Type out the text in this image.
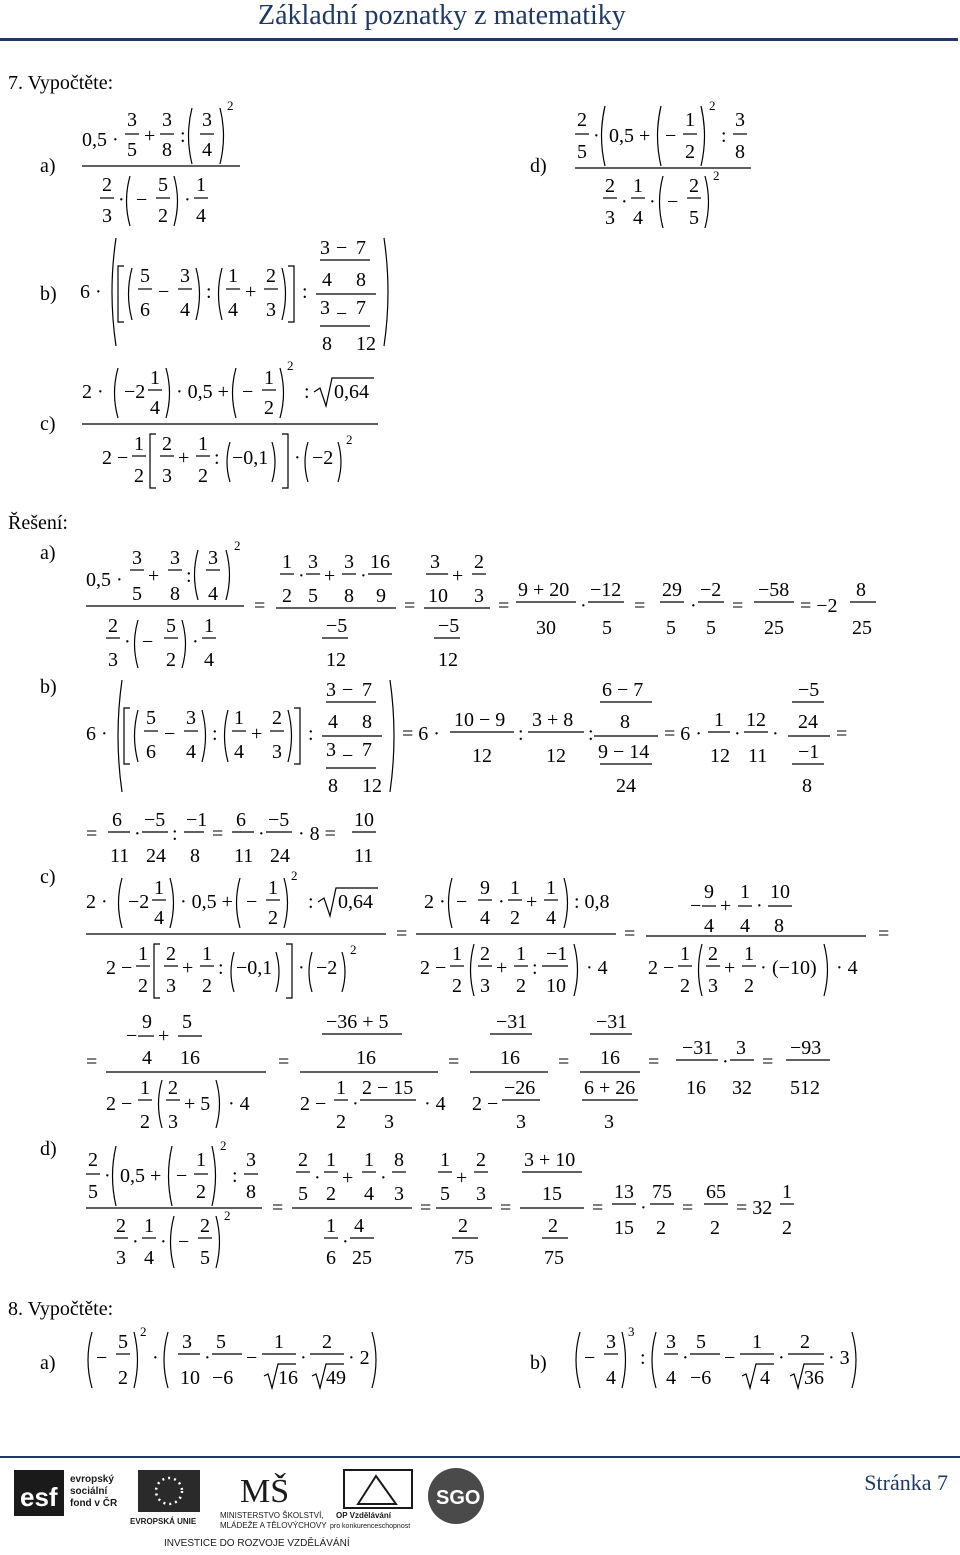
Základní poznatky z matematiky
7. Vypočtěte:
a)
b)
c)
d)
0,5 ·
3
5
+
3
8
:
3
4
2
2
3
· −
5
2
·
1
4
6 ·
5
6
−
3
4
:
1
4
+
2
3
:
3 − 7
4 8
3 − 7
8 12
2 · −2
1
4
· 0,5 + −
1
2
2
: 0,64
2 −
1
2
2
3
+
1
2
: −0,1 · −2
2
2
5
· 0,5 + −
1
2
2
:
3
8
2
3
·
1
4
· −
2
5
2
Řešení:
a)
0,5 ·
3
5
+
3
8
:
3
4
2
2
3
· −
5
2
·
1
4
=
1
2
·
3
5
+
3
8
·
16
9
−5
12
=
3
10
+
2
3
−5
12
=
9 + 20
30
·
−12
5
=
29
5
·
−2
5
=
−58
25
= −2
8
25
b)
6 ·
5
6
−
3
4
:
1
4
+
2
3
:
3 − 7
4 8
3 − 7
8 12
= 6 ·
10 − 9
12
:
3 + 8
12
:
6 − 7
8
9 − 14
24
= 6 ·
1
12
·
12
11
·
−5
24
−1
8
=
=
6
11
·
−5
24
:
−1
8
=
6
11
·
−5
24
· 8 =
10
11
c)
2 · −2
1
4
· 0,5 + −
1
2
2
: 0,64
2 −
1
2
2
3
+
1
2
: −0,1 · −2
2
=
2 · −
9
4
·
1
2
+
1
4
: 0,8
2 −
1
2
2
3
+
1
2
:
−1
10
· 4
=
9
−
4
+
1
4
·
10
8
2 −
1
2
2
3
+
1
2
· (−10) · 4
=
=
9
−
4
+
5
16
2 −
1
2
2
3
+ 5 · 4
=
−36 + 5
16
2 −
1
2
·
2 − 15
3
· 4
=
−31
16
2 −
−26
3
=
−31
16
6 + 26
3
=
−31
16
·
3
32
=
−93
512
d) 2
5
· 0,5 + −
1
2
2
:
3
8
2
3
·
1
4
· −
2
5
2 =
2
5
·
1
2
+
1
4
·
8
3
1
6
·
4
25
=
1
5
+
2
3
2
75
=
3 + 10
15
2
75
=
13
15
·
75
2
=
65
2
= 32
1
2
8. Vypočtěte:
a)	b)
−
5
2
2
·
3
10
·
5
−6
−
1
16
·
2
49
· 2	−
3
4
3
:
3
4
·
5
−6
−
1
4
·
2
36
· 3
esf
evropský
sociální
fond v ČR
EVROPSKÁ UNIE
MŠ
MINISTERSTVO ŠKOLSTVÍ,
MLÁDEŽE A TĚLOVÝCHOVY
OP Vzdělávání
pro konkurenceschopnost
INVESTICE DO ROZVOJE VZDĚLÁVÁNÍ
SGO
Stránka 7
